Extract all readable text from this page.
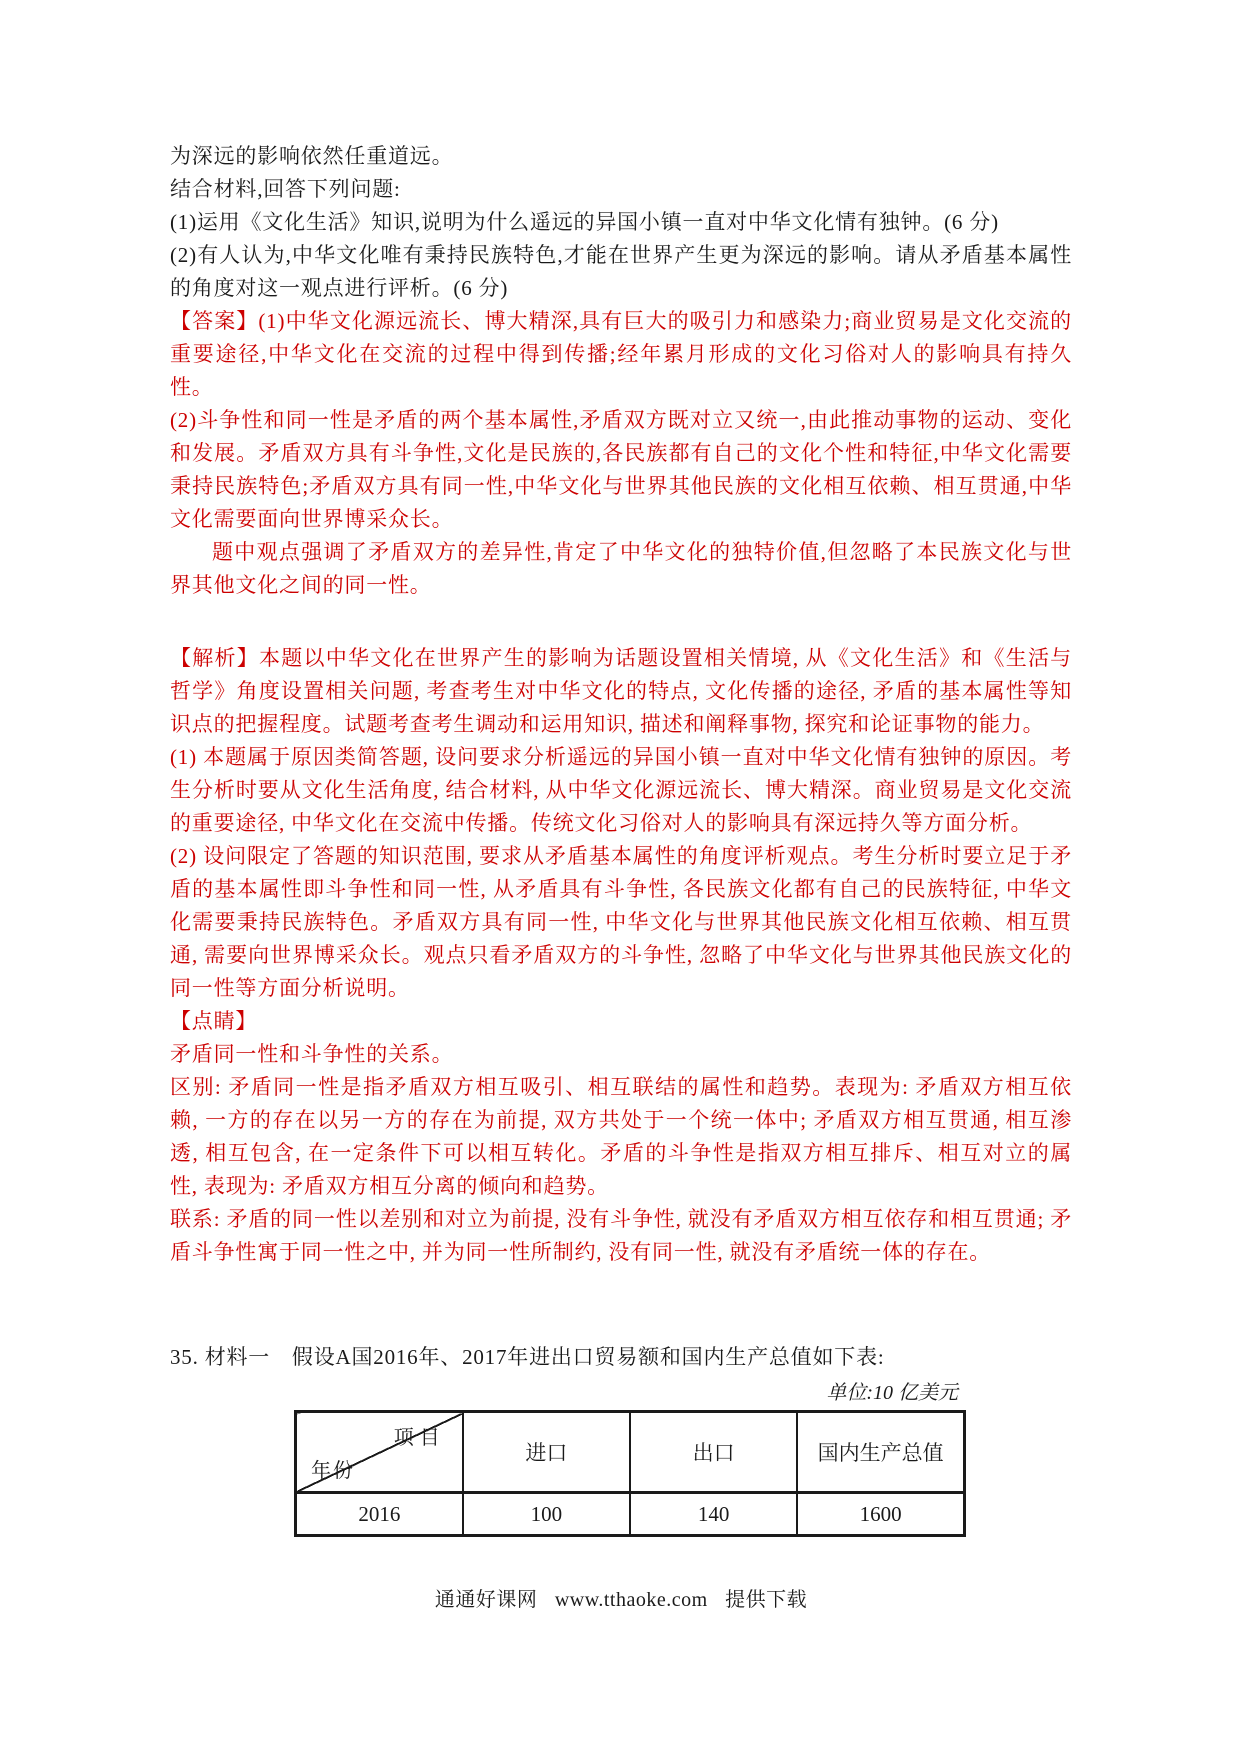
为深远的影响依然任重道远。

结合材料,回答下列问题:

(1)运用《文化生活》知识,说明为什么遥远的异国小镇一直对中华文化情有独钟。(6 分)

(2)有人认为,中华文化唯有秉持民族特色,才能在世界产生更为深远的影响。请从矛盾基本属性的角度对这一观点进行评析。(6 分)

【答案】(1)中华文化源远流长、博大精深,具有巨大的吸引力和感染力;商业贸易是文化交流的重要途径,中华文化在交流的过程中得到传播;经年累月形成的文化习俗对人的影响具有持久性。

(2)斗争性和同一性是矛盾的两个基本属性,矛盾双方既对立又统一,由此推动事物的运动、变化和发展。矛盾双方具有斗争性,文化是民族的,各民族都有自己的文化个性和特征,中华文化需要秉持民族特色;矛盾双方具有同一性,中华文化与世界其他民族的文化相互依赖、相互贯通,中华文化需要面向世界博采众长。

题中观点强调了矛盾双方的差异性,肯定了中华文化的独特价值,但忽略了本民族文化与世界其他文化之间的同一性。

【解析】本题以中华文化在世界产生的影响为话题设置相关情境, 从《文化生活》和《生活与哲学》角度设置相关问题, 考查考生对中华文化的特点, 文化传播的途径, 矛盾的基本属性等知识点的把握程度。试题考查考生调动和运用知识, 描述和阐释事物, 探究和论证事物的能力。

(1) 本题属于原因类简答题, 设问要求分析遥远的异国小镇一直对中华文化情有独钟的原因。考生分析时要从文化生活角度, 结合材料, 从中华文化源远流长、博大精深。商业贸易是文化交流的重要途径, 中华文化在交流中传播。传统文化习俗对人的影响具有深远持久等方面分析。

(2) 设问限定了答题的知识范围, 要求从矛盾基本属性的角度评析观点。考生分析时要立足于矛盾的基本属性即斗争性和同一性, 从矛盾具有斗争性, 各民族文化都有自己的民族特征, 中华文化需要秉持民族特色。矛盾双方具有同一性, 中华文化与世界其他民族文化相互依赖、相互贯通, 需要向世界博采众长。观点只看矛盾双方的斗争性, 忽略了中华文化与世界其他民族文化的同一性等方面分析说明。

【点睛】

矛盾同一性和斗争性的关系。

区别: 矛盾同一性是指矛盾双方相互吸引、相互联结的属性和趋势。表现为: 矛盾双方相互依赖, 一方的存在以另一方的存在为前提, 双方共处于一个统一体中; 矛盾双方相互贯通, 相互渗透, 相互包含, 在一定条件下可以相互转化。矛盾的斗争性是指双方相互排斥、相互对立的属性, 表现为: 矛盾双方相互分离的倾向和趋势。

联系: 矛盾的同一性以差别和对立为前提, 没有斗争性, 就没有矛盾双方相互依存和相互贯通; 矛盾斗争性寓于同一性之中, 并为同一性所制约, 没有同一性, 就没有矛盾统一体的存在。

35. 材料一　假设A国2016年、2017年进出口贸易额和国内生产总值如下表:

单位:10 亿美元
项目
年份	进口	出口	国内生产总值
2016	100	140	1600
通通好课网 www.tthaoke.com 提供下载
